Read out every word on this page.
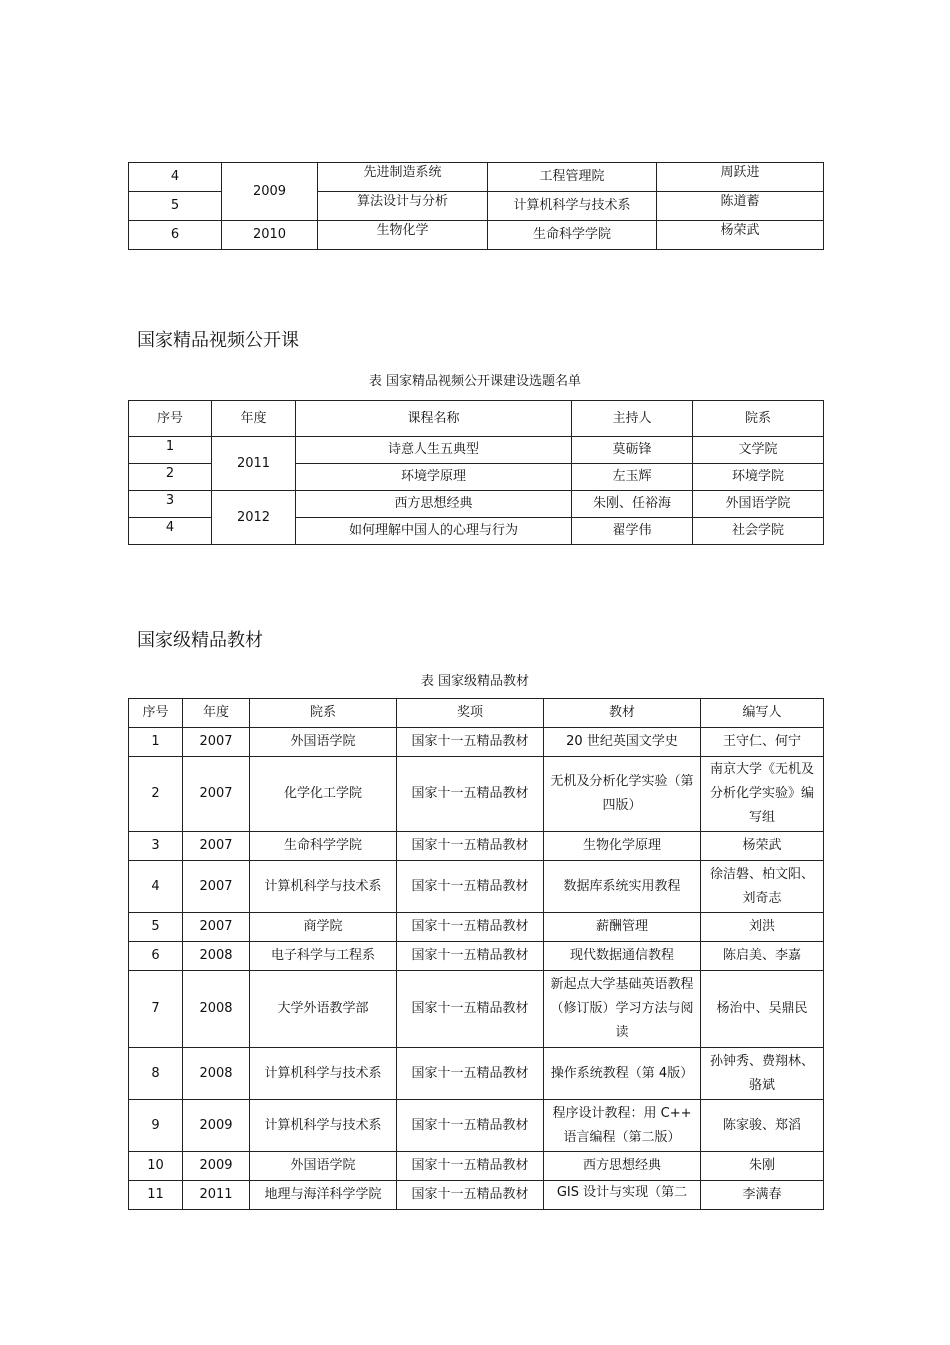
4	2009	先进制造系统	工程管理院	周跃进
5		算法设计与分析	计算机科学与技术系	陈道蓄
6	2010	生物化学	生命科学学院	杨荣武
国家精品视频公开课
表 国家精品视频公开课建设选题名单
序号	年度	课程名称	主持人	院系
1	2011	诗意人生五典型	莫砺锋	文学院
2		环境学原理	左玉辉	环境学院
3	2012	西方思想经典	朱刚、任裕海	外国语学院
4		如何理解中国人的心理与行为	翟学伟	社会学院
国家级精品教材
表 国家级精品教材
序号	年度	院系	奖项	教材	编写人
1	2007	外国语学院	国家十一五精品教材	20 世纪英国文学史	王守仁、何宁
2	2007	化学化工学院	国家十一五精品教材	无机及分析化学实验（第四版）	南京大学《无机及分析化学实验》编写组
3	2007	生命科学学院	国家十一五精品教材	生物化学原理	杨荣武
4	2007	计算机科学与技术系	国家十一五精品教材	数据库系统实用教程	徐洁磐、柏文阳、刘奇志
5	2007	商学院	国家十一五精品教材	薪酬管理	刘洪
6	2008	电子科学与工程系	国家十一五精品教材	现代数据通信教程	陈启美、李嘉
7	2008	大学外语教学部	国家十一五精品教材	新起点大学基础英语教程（修订版）学习方法与阅读	杨治中、吴鼎民
8	2008	计算机科学与技术系	国家十一五精品教材	操作系统教程（第 4版）	孙钟秀、费翔林、骆斌
9	2009	计算机科学与技术系	国家十一五精品教材	程序设计教程：用 C++ 语言编程（第二版）	陈家骏、郑滔
10	2009	外国语学院	国家十一五精品教材	西方思想经典	朱刚
11	2011	地理与海洋科学学院	国家十一五精品教材	GIS 设计与实现（第二	李满春
